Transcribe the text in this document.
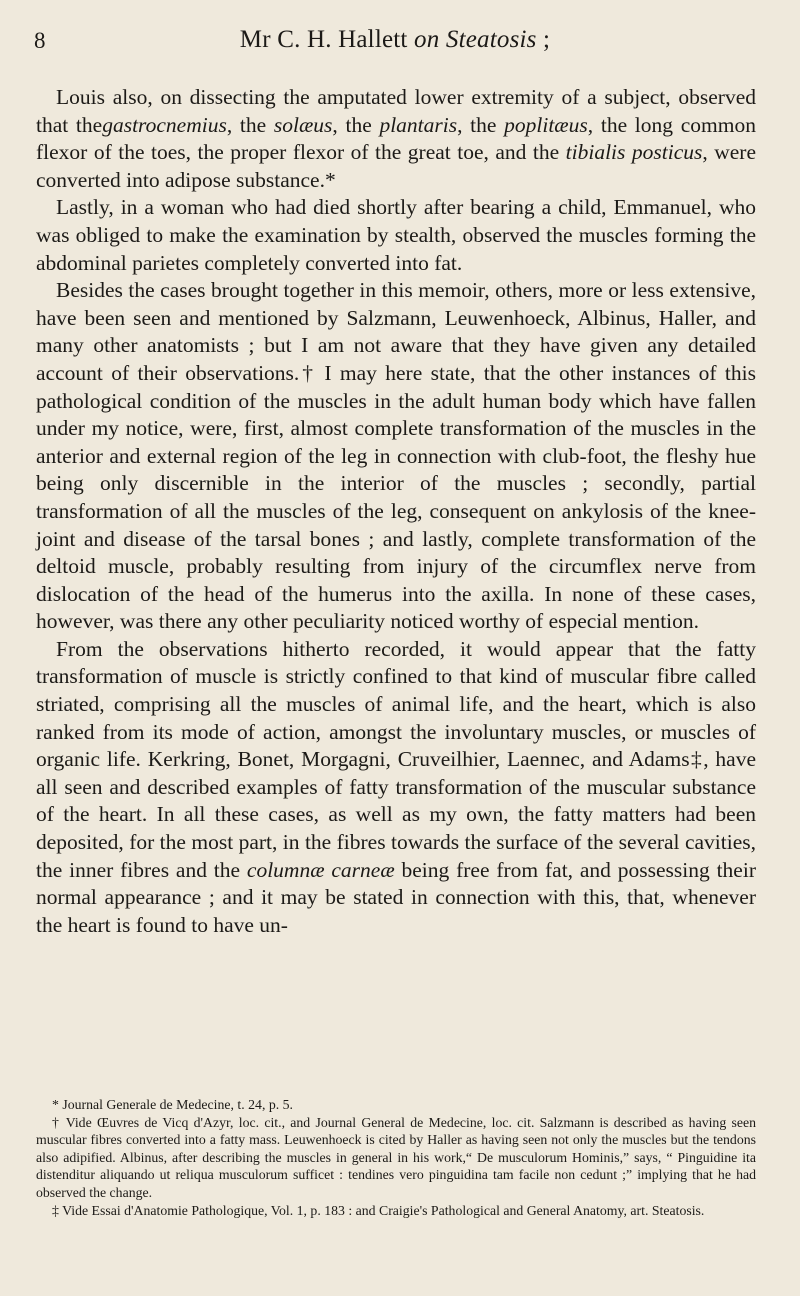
8	Mr C. H. Hallett on Steatosis ;

Louis also, on dissecting the amputated lower extremity of a subject, observed that thegastrocnemius, the solæus, the plantaris, the poplitæus, the long common flexor of the toes, the proper flexor of the great toe, and the tibialis posticus, were converted into adipose substance.*

Lastly, in a woman who had died shortly after bearing a child, Emmanuel, who was obliged to make the examination by stealth, observed the muscles forming the abdominal parietes completely converted into fat.

Besides the cases brought together in this memoir, others, more or less extensive, have been seen and mentioned by Salzmann, Leuwenhoeck, Albinus, Haller, and many other anatomists ; but I am not aware that they have given any detailed account of their observations.† I may here state, that the other instances of this pathological condition of the muscles in the adult human body which have fallen under my notice, were, first, almost complete transformation of the muscles in the anterior and external region of the leg in connection with club-foot, the fleshy hue being only discernible in the interior of the muscles ; secondly, partial transformation of all the muscles of the leg, consequent on ankylosis of the knee-joint and disease of the tarsal bones ; and lastly, complete transformation of the deltoid muscle, probably resulting from injury of the circumflex nerve from dislocation of the head of the humerus into the axilla. In none of these cases, however, was there any other peculiarity noticed worthy of especial mention.

From the observations hitherto recorded, it would appear that the fatty transformation of muscle is strictly confined to that kind of muscular fibre called striated, comprising all the muscles of animal life, and the heart, which is also ranked from its mode of action, amongst the involuntary muscles, or muscles of organic life. Kerkring, Bonet, Morgagni, Cruveilhier, Laennec, and Adams‡, have all seen and described examples of fatty transformation of the muscular substance of the heart. In all these cases, as well as my own, the fatty matters had been deposited, for the most part, in the fibres towards the surface of the several cavities, the inner fibres and the columnæ carneæ being free from fat, and possessing their normal appearance ; and it may be stated in connection with this, that, whenever the heart is found to have un-

* Journal Generale de Medecine, t. 24, p. 5.

† Vide Œuvres de Vicq d'Azyr, loc. cit., and Journal General de Medecine, loc. cit. Salzmann is described as having seen muscular fibres converted into a fatty mass. Leuwenhoeck is cited by Haller as having seen not only the muscles but the tendons also adipified. Albinus, after describing the muscles in general in his work,“ De musculorum Hominis,” says, “ Pinguidine ita distenditur aliquando ut reliqua musculorum sufficet : tendines vero pinguidina tam facile non cedunt ;” implying that he had observed the change.

‡ Vide Essai d'Anatomie Pathologique, Vol. 1, p. 183 : and Craigie's Pathological and General Anatomy, art. Steatosis.
